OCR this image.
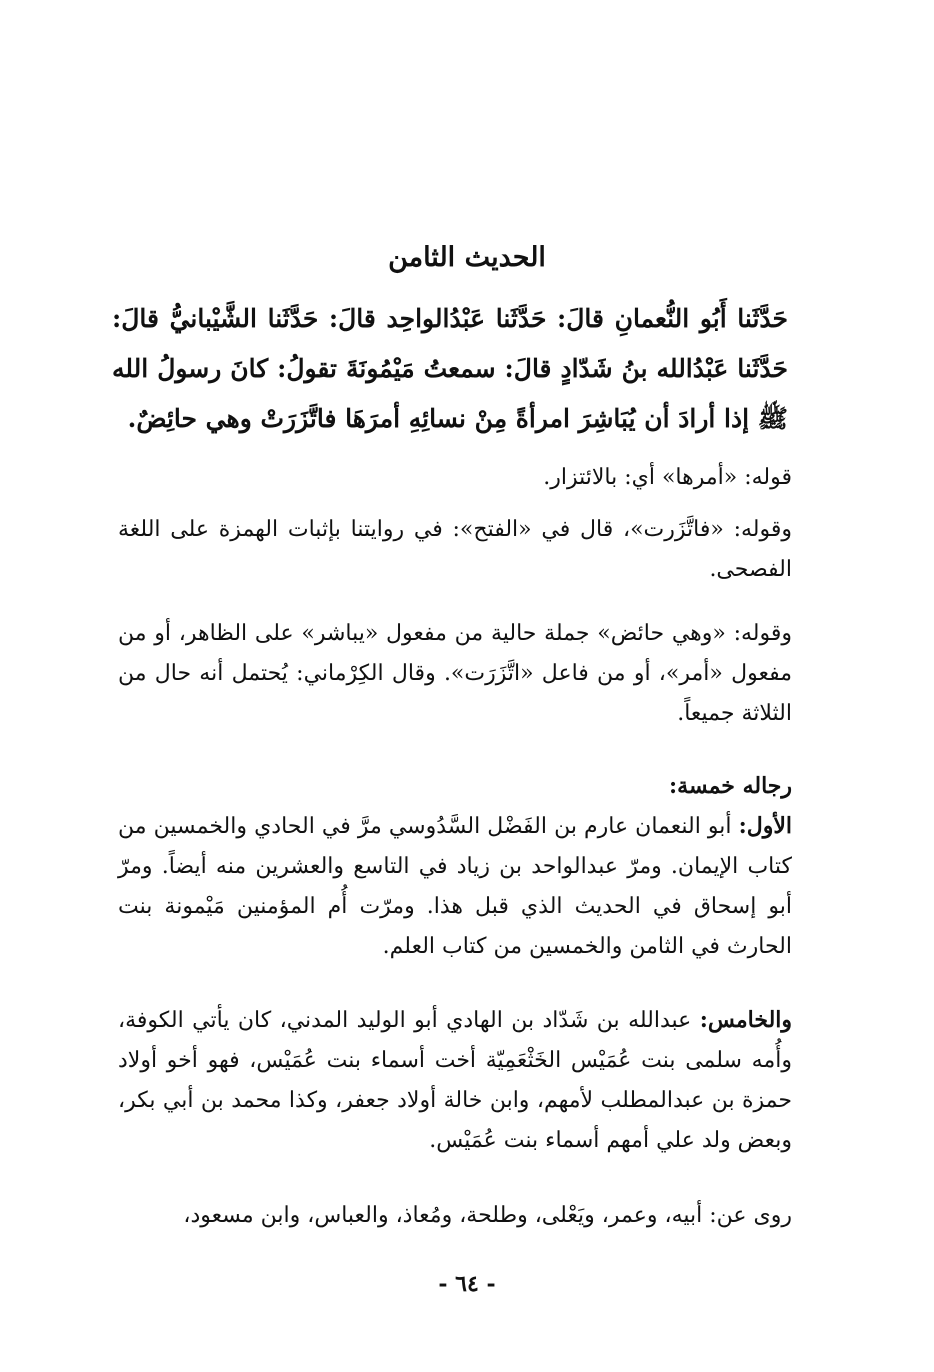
الحديث الثامن
حَدَّثَنا أَبُو النُّعمانِ قالَ: حَدَّثَنا عَبْدُالواحِد قالَ: حَدَّثَنا الشَّيْبانيُّ قالَ: حَدَّثَنا عَبْدُالله بنُ شَدّادٍ قالَ: سمعتُ مَيْمُونَةَ تقولُ: كانَ رسولُ الله ﷺ إذا أرادَ أن يُبَاشِرَ امرأةً مِنْ نسائِهِ أمرَهَا فاتَّزَرَتْ وهي حائِضٌ.
قوله: «أمرها» أي: بالائتزار.
وقوله: «فاتَّزَرت»، قال في «الفتح»: في روايتنا بإثبات الهمزة على اللغة الفصحى.
وقوله: «وهي حائض» جملة حالية من مفعول «يباشر» على الظاهر، أو من مفعول «أمر»، أو من فاعل «اتَّزَرَت». وقال الكِرْماني: يُحتمل أنه حال من الثلاثة جميعاً.
رجاله خمسة:
الأول: أبو النعمان عارم بن الفَضْل السَّدُوسي مرَّ في الحادي والخمسين من كتاب الإيمان. ومرّ عبدالواحد بن زياد في التاسع والعشرين منه أيضاً. ومرّ أبو إسحاق في الحديث الذي قبل هذا. ومرّت أُم المؤمنين مَيْمونة بنت الحارث في الثامن والخمسين من كتاب العلم.
والخامس: عبدالله بن شَدّاد بن الهادي أبو الوليد المدني، كان يأتي الكوفة، وأُمه سلمى بنت عُمَيْس الخَثْعَمِيّة أخت أسماء بنت عُمَيْس، فهو أخو أولاد حمزة بن عبدالمطلب لأمهم، وابن خالة أولاد جعفر، وكذا محمد بن أبي بكر، وبعض ولد علي أمهم أسماء بنت عُمَيْس.
روى عن: أبيه، وعمر، ويَعْلى، وطلحة، ومُعاذ، والعباس، وابن مسعود،
- ٦٤ -
